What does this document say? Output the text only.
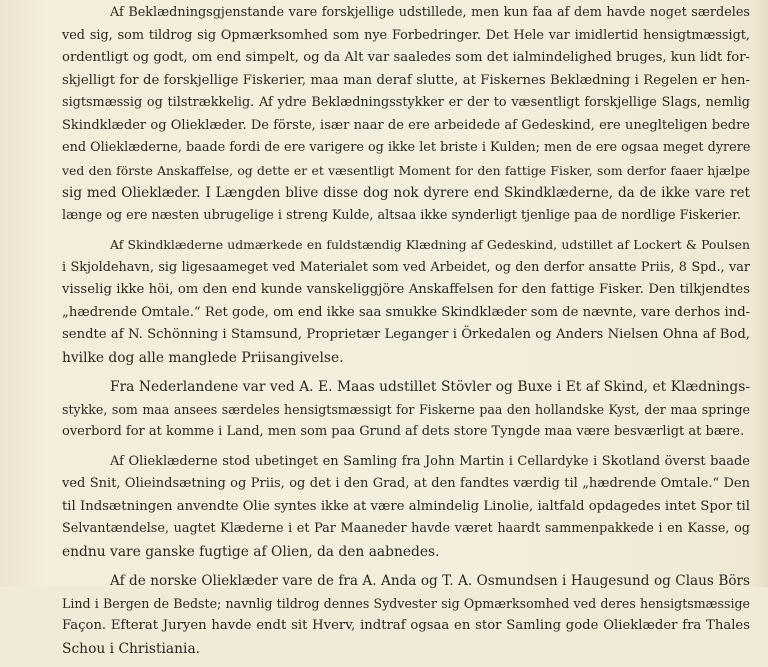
Af Beklædningsgjenstande vare forskjellige udstillede, men kun faa af dem havde noget særdeles
ved sig, som tildrog sig Opmærksomhed som nye Forbedringer. Det Hele var imidlertid hensigtmæssigt,
ordentligt og godt, om end simpelt, og da Alt var saaledes som det ialmindelighed bruges, kun lidt for-
skjelligt for de forskjellige Fiskerier, maa man deraf slutte, at Fiskernes Beklædning i Regelen er hen-
sigtsmæssig og tilstrækkelig. Af ydre Beklædningsstykker er der to væsentligt forskjellige Slags, nemlig
Skindklæder og Olieklæder. De förste, især naar de ere arbeidede af Gedeskind, ere uneglteligen bedre
end Olieklæderne, baade fordi de ere varigere og ikke let briste i Kulden; men de ere ogsaa meget dyrere
ved den förste Anskaffelse, og dette er et væsentligt Moment for den fattige Fisker, som derfor faaer hjælpe
sig med Olieklæder. I Længden blive disse dog nok dyrere end Skindklæderne, da de ikke vare ret
længe og ere næsten ubrugelige i streng Kulde, altsaa ikke synderligt tjenlige paa de nordlige Fiskerier.

Af Skindklæderne udmærkede en fuldstændig Klædning af Gedeskind, udstillet af Lockert & Poulsen
i Skjoldehavn, sig ligesaameget ved Materialet som ved Arbeidet, og den derfor ansatte Priis, 8 Spd., var
visselig ikke höi, om den end kunde vanskeliggjöre Anskaffelsen for den fattige Fisker. Den tilkjendtes
„hædrende Omtale.“ Ret gode, om end ikke saa smukke Skindklæder som de nævnte, vare derhos ind-
sendte af N. Schönning i Stamsund, Proprietær Leganger i Örkedalen og Anders Nielsen Ohna af Bod,
hvilke dog alle manglede Priisangivelse.

Fra Nederlandene var ved A. E. Maas udstillet Stövler og Buxe i Et af Skind, et Klædnings-
stykke, som maa ansees særdeles hensigtsmæssigt for Fiskerne paa den hollandske Kyst, der maa springe
overbord for at komme i Land, men som paa Grund af dets store Tyngde maa være besværligt at bære.

Af Olieklæderne stod ubetinget en Samling fra John Martin i Cellardyke i Skotland överst baade
ved Snit, Olieindsætning og Priis, og det i den Grad, at den fandtes værdig til „hædrende Omtale.“ Den
til Indsætningen anvendte Olie syntes ikke at være almindelig Linolie, ialtfald opdagedes intet Spor til
Selvantændelse, uagtet Klæderne i et Par Maaneder havde været haardt sammenpakkede i en Kasse, og
endnu vare ganske fugtige af Olien, da den aabnedes.

Af de norske Olieklæder vare de fra A. Anda og T. A. Osmundsen i Haugesund og Claus Börs
Lind i Bergen de Bedste; navnlig tildrog dennes Sydvester sig Opmærksomhed ved deres hensigtsmæssige
Façon. Efterat Juryen havde endt sit Hverv, indtraf ogsaa en stor Samling gode Olieklæder fra Thales
Schou i Christiania.
